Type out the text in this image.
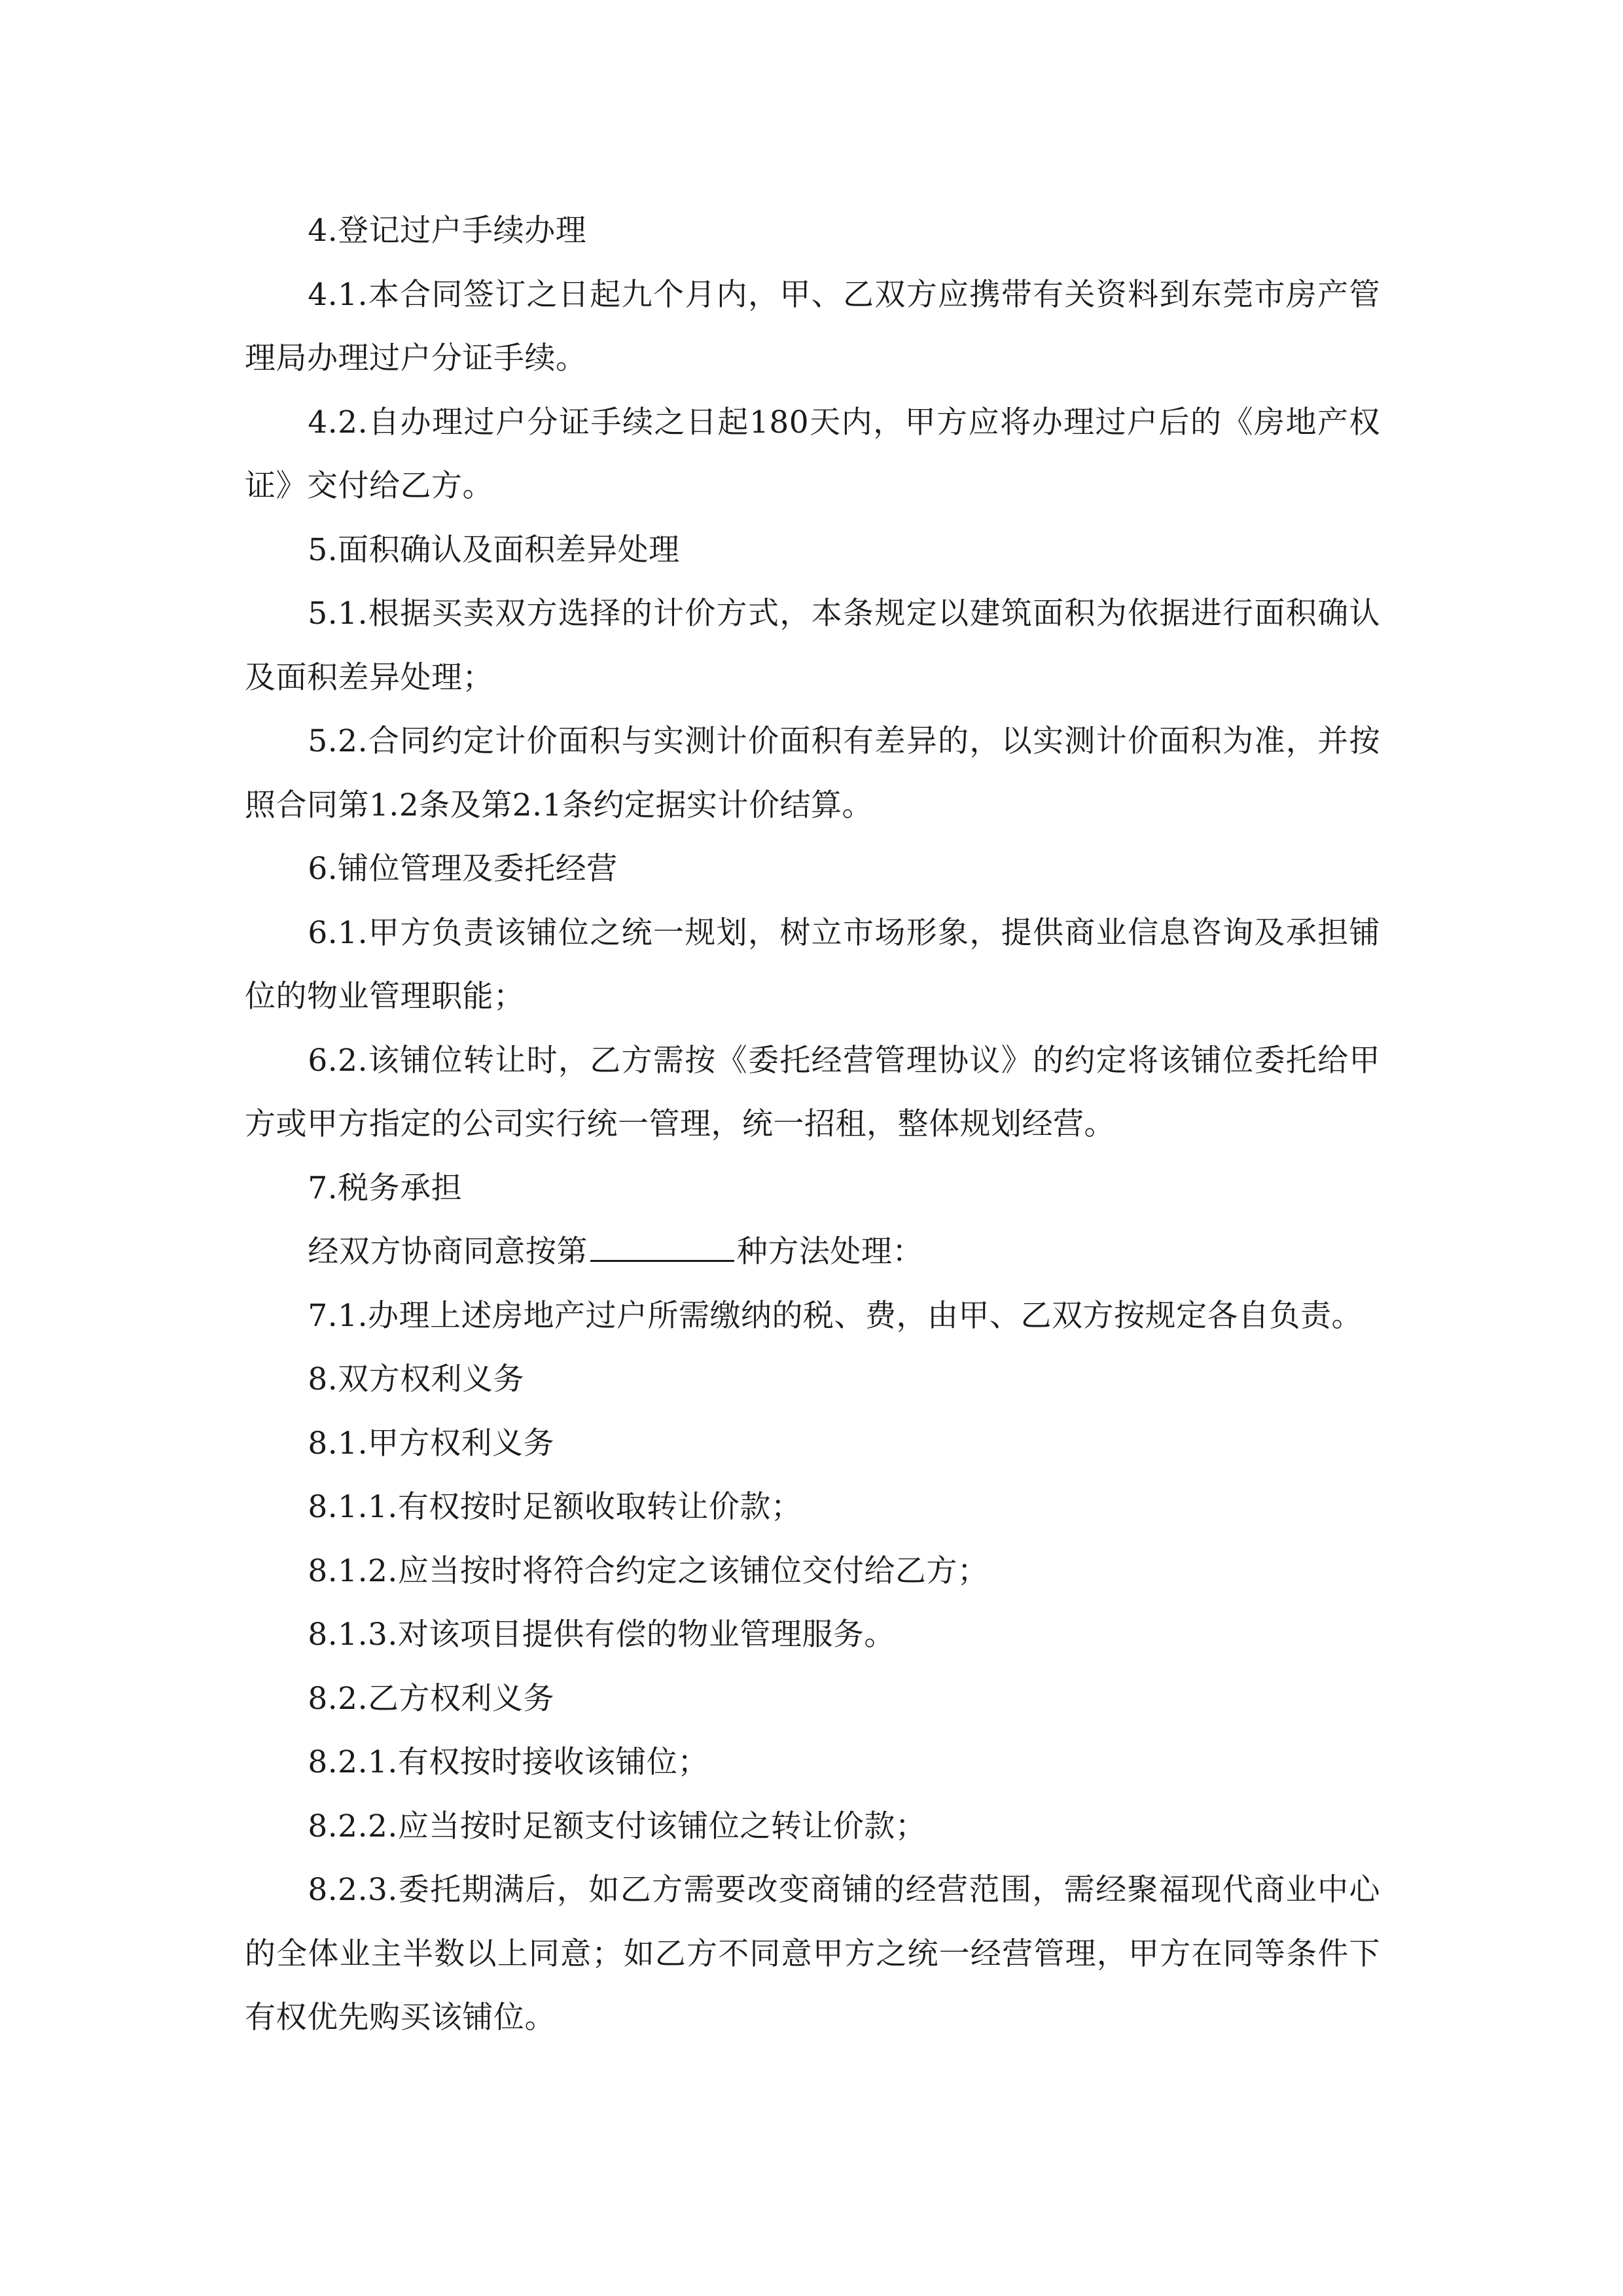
4.登记过户手续办理

4.1.本合同签订之日起九个月内，甲、乙双方应携带有关资料到东莞市房产管理局办理过户分证手续。

4.2.自办理过户分证手续之日起180天内，甲方应将办理过户后的《房地产权证》交付给乙方。

5.面积确认及面积差异处理

5.1.根据买卖双方选择的计价方式，本条规定以建筑面积为依据进行面积确认及面积差异处理；

5.2.合同约定计价面积与实测计价面积有差异的，以实测计价面积为准，并按照合同第1.2条及第2.1条约定据实计价结算。

6.铺位管理及委托经营

6.1.甲方负责该铺位之统一规划，树立市场形象，提供商业信息咨询及承担铺位的物业管理职能；

6.2.该铺位转让时，乙方需按《委托经营管理协议》的约定将该铺位委托给甲方或甲方指定的公司实行统一管理，统一招租，整体规划经营。

7.税务承担

经双方协商同意按第	种方法处理：

7.1.办理上述房地产过户所需缴纳的税、费，由甲、乙双方按规定各自负责。

8.双方权利义务

8.1.甲方权利义务

8.1.1.有权按时足额收取转让价款；

8.1.2.应当按时将符合约定之该铺位交付给乙方；

8.1.3.对该项目提供有偿的物业管理服务。

8.2.乙方权利义务

8.2.1.有权按时接收该铺位；

8.2.2.应当按时足额支付该铺位之转让价款；

8.2.3.委托期满后，如乙方需要改变商铺的经营范围，需经聚福现代商业中心的全体业主半数以上同意；如乙方不同意甲方之统一经营管理，甲方在同等条件下有权优先购买该铺位。
